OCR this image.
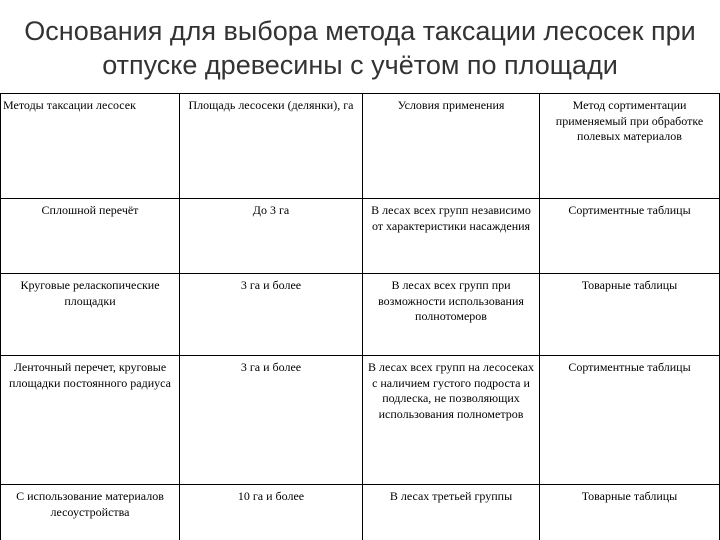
Основания для выбора метода таксации лесосек при
отпуске древесины с учётом по площади
Методы таксации лесосек	Площадь лесосеки (делянки), га	Условия применения	Метод сортиментации применяемый при обработке полевых материалов
Сплошной перечёт	До 3 га	В лесах всех групп независимо от характеристики насаждения	Сортиментные таблицы
Круговые реласкопические площадки	3 га и более	В лесах всех групп при возможности использования полнотомеров	Товарные таблицы
Ленточный перечет, круговые площадки постоянного радиуса	3 га и более	В лесах всех групп на лесосеках с наличием густого подроста и подлеска, не позволяющих использования полнометров	Сортиментные таблицы
С использование материалов лесоустройства	10 га и более	В лесах третьей группы	Товарные таблицы
